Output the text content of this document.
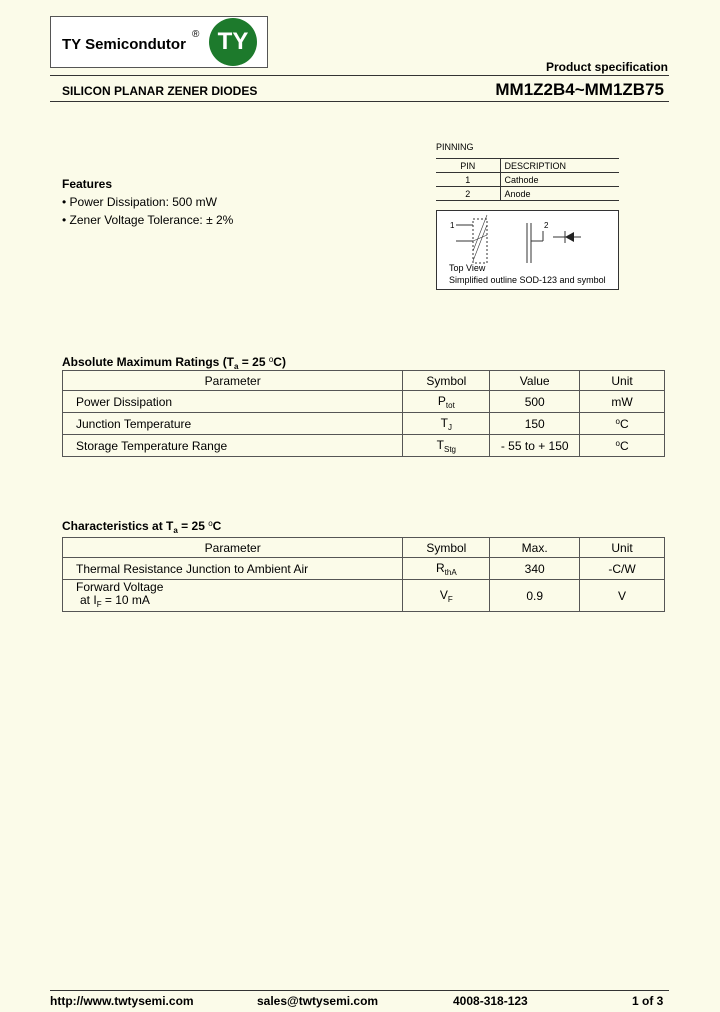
TY Semicondutor
® TY
Product specification
SILICON PLANAR ZENER DIODES	MM1Z2B4~MM1ZB75
PINNING
PIN	DESCRIPTION
1	Cathode
2	Anode
1	2
Top View
Simplified outline SOD-123 and symbol
Features
• Power Dissipation: 500 mW
• Zener Voltage Tolerance: ± 2%
Absolute Maximum Ratings ($T_a = 25$ $^o$C)
Parameter	Symbol	Value	Unit
Power Dissipation	$P_{tot}$	500	mW
Junction Temperature	$T_J$	150	$^o$C
Storage Temperature Range	$T_{Stg}$	- 55 to + 150	$^o$C
Characteristics at $T_a = 25$ $^o$C
Parameter	Symbol	Max.	Unit
Thermal Resistance Junction to Ambient Air	$R_{thA}$	340	-C/W

Forward Voltage
at $I_F = 10$ mA	$V_F$	0.9	V
http://www.twtysemi.com	sales@twtysemi.com	4008-318-123	1 of 3
